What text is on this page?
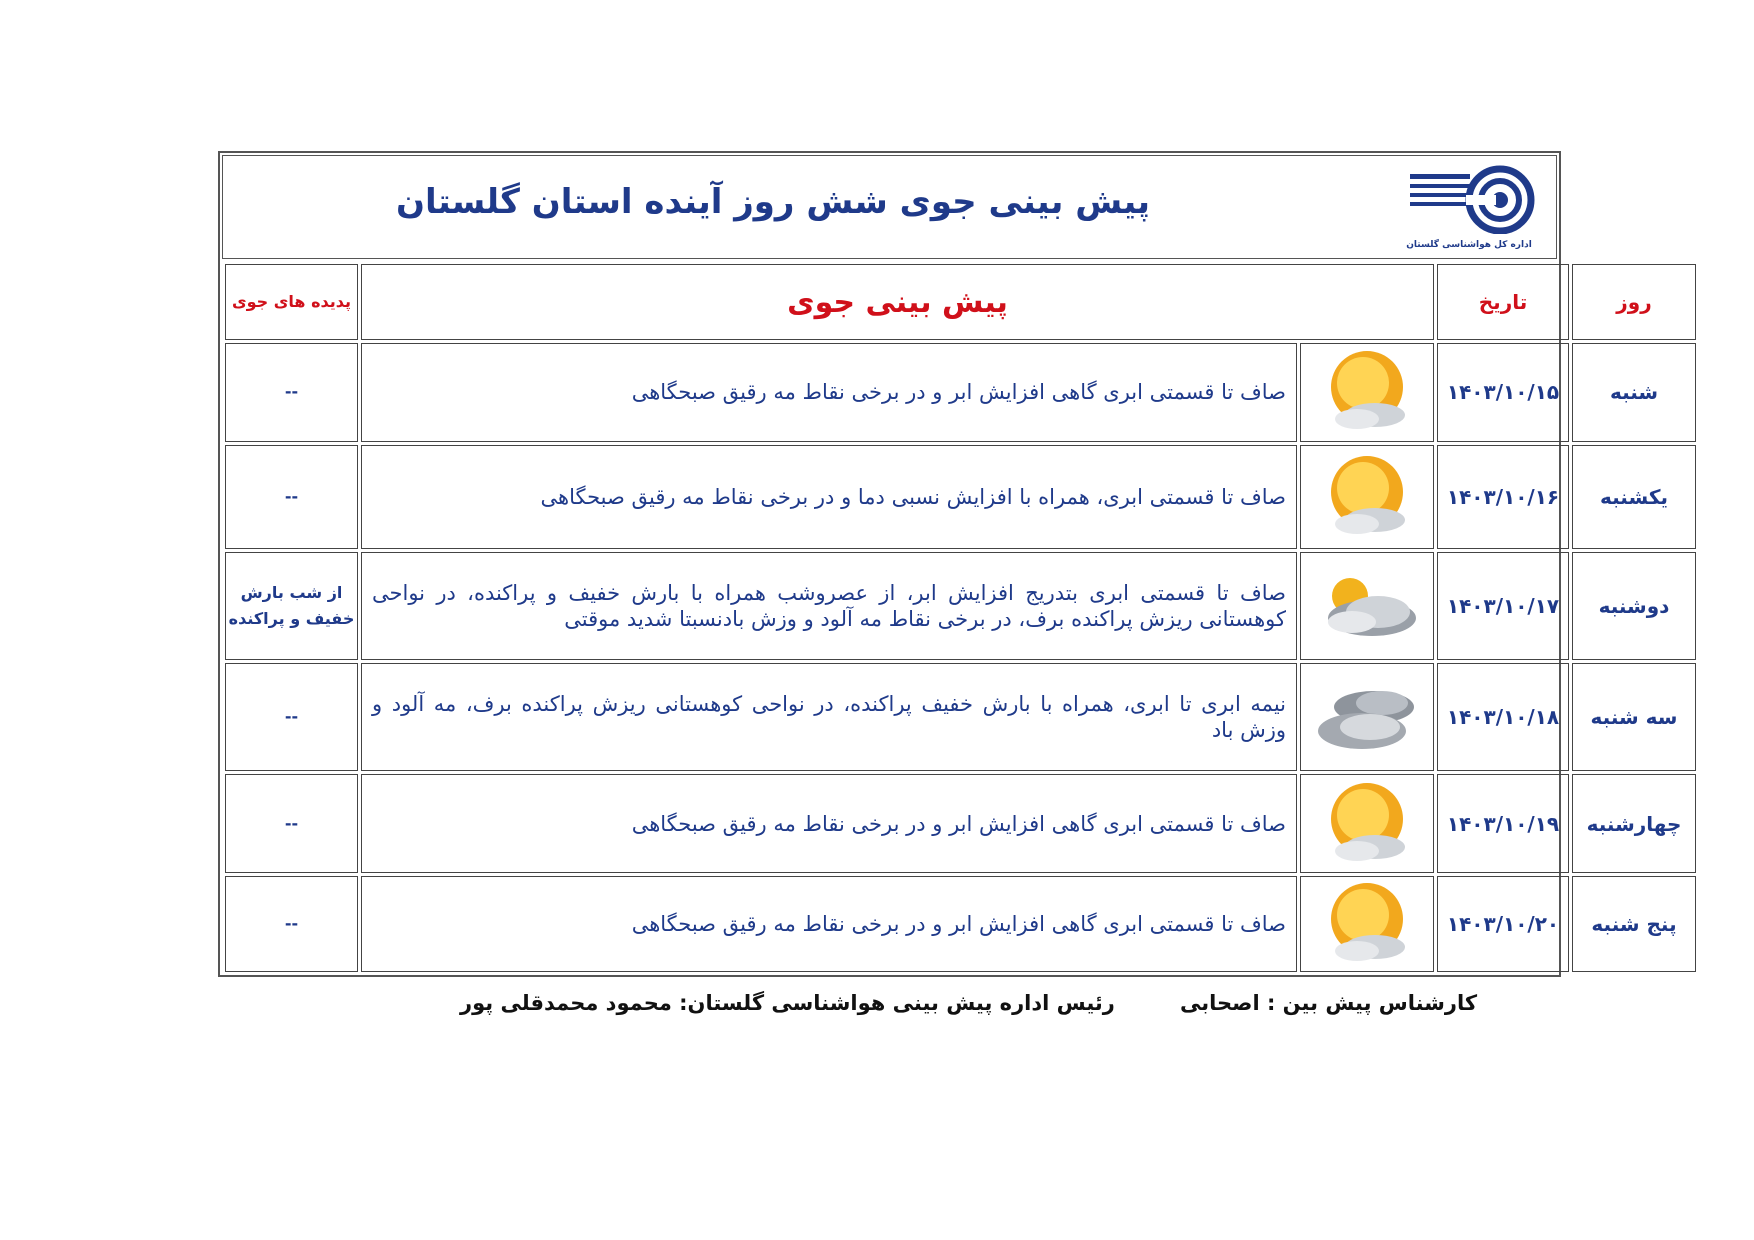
پیش بینی جوی شش روز آینده استان گلستان
اداره کل هواشناسی گلستان
پدیده های جوی	پیش بینی جوی		تاریخ	روز
--	صاف تا قسمتی ابری گاهی افزایش ابر و در برخی نقاط مه رقیق صبحگاهی		۱۴۰۳/۱۰/۱۵	شنبه
--	صاف تا قسمتی ابری، همراه با افزایش نسبی دما و در برخی نقاط مه رقیق صبحگاهی		۱۴۰۳/۱۰/۱۶	یکشنبه
از شب بارش خفیف و پراکنده	صاف تا قسمتی ابری بتدریج افزایش ابر، از عصروشب همراه با بارش خفیف و پراکنده، در نواحی کوهستانی ریزش پراکنده برف، در برخی نقاط مه آلود و وزش بادنسبتا شدید موقتی		۱۴۰۳/۱۰/۱۷	دوشنبه
--	نیمه ابری تا ابری، همراه با بارش خفیف پراکنده، در نواحی کوهستانی ریزش پراکنده برف، مه آلود و وزش باد		۱۴۰۳/۱۰/۱۸	سه شنبه
--	صاف تا قسمتی ابری گاهی افزایش ابر و در برخی نقاط مه رقیق صبحگاهی		۱۴۰۳/۱۰/۱۹	چهارشنبه
--	صاف تا قسمتی ابری گاهی افزایش ابر و در برخی نقاط مه رقیق صبحگاهی		۱۴۰۳/۱۰/۲۰	پنج شنبه
کارشناس پیش بین : اصحابی
رئیس اداره پیش بینی هواشناسی گلستان: محمود محمدقلی پور
